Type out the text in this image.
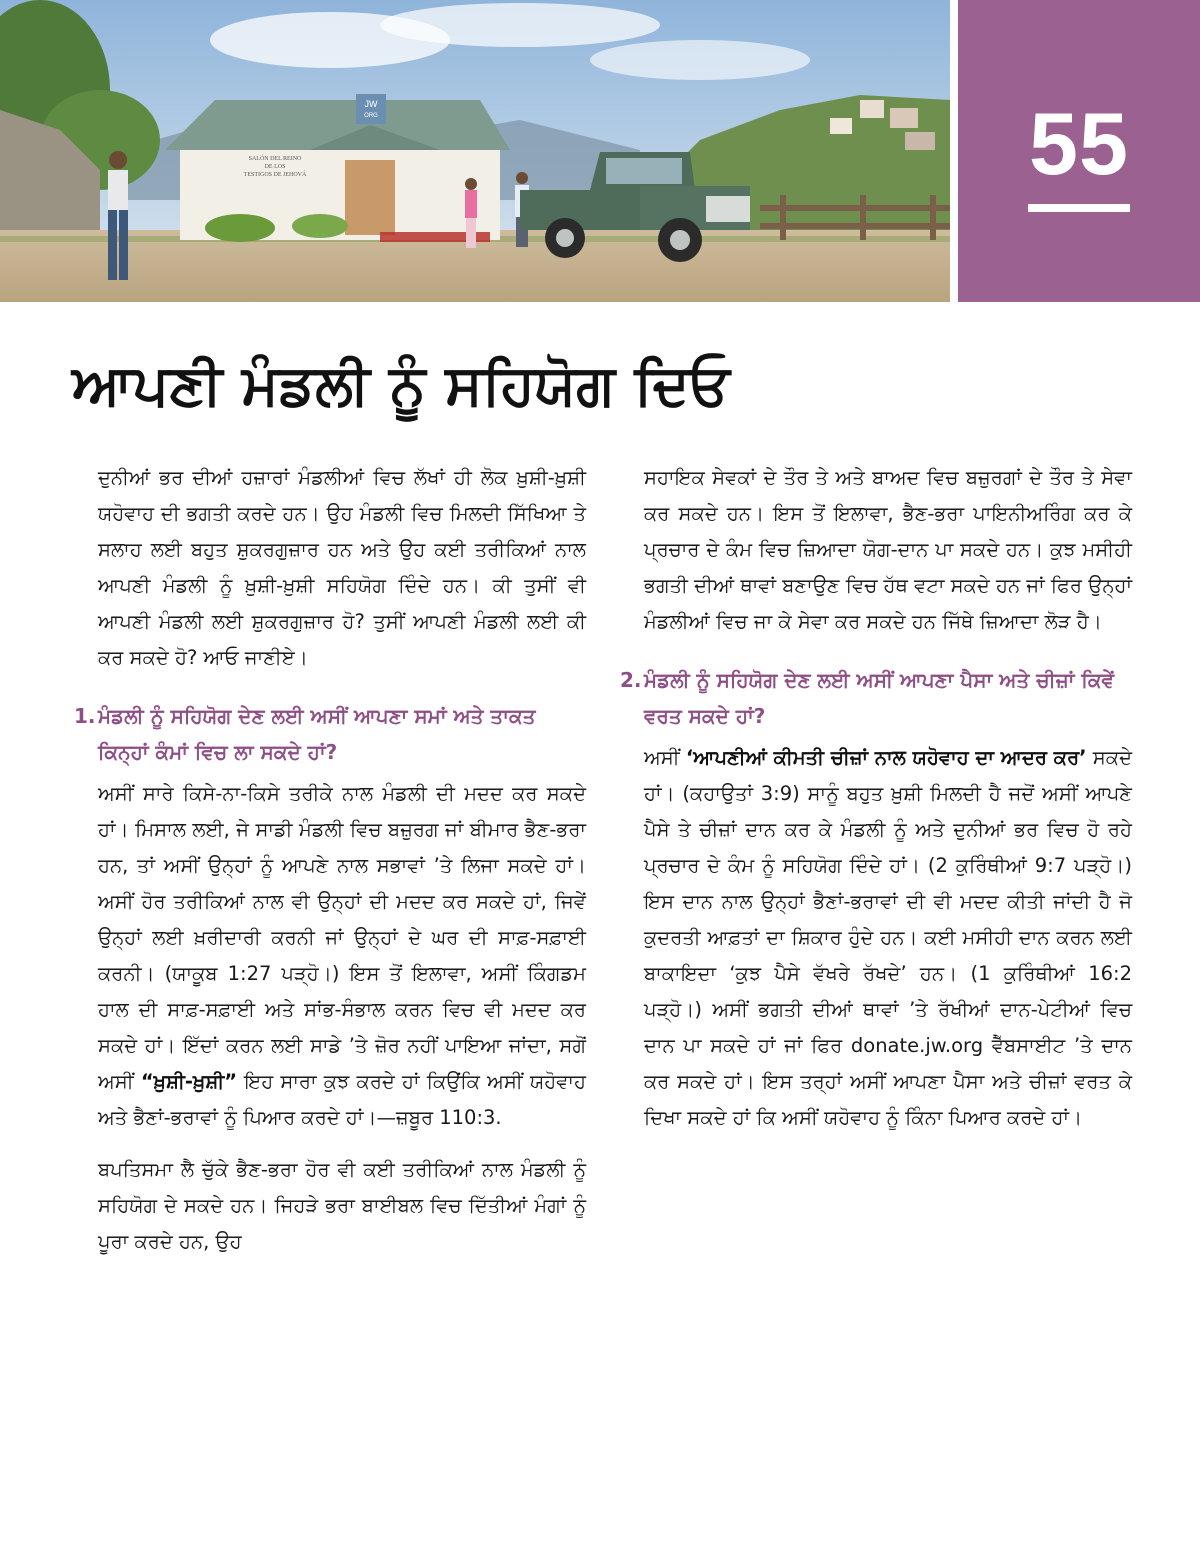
JW
ORG
SALÓN DEL REINO
DE LOS
TESTIGOS DE JEHOVÁ	55
ਆਪਣੀ ਮੰਡਲੀ ਨੂੰ ਸਹਿਯੋਗ ਦਿਓ

ਦੁਨੀਆਂ ਭਰ ਦੀਆਂ ਹਜ਼ਾਰਾਂ ਮੰਡਲੀਆਂ ਵਿਚ ਲੱਖਾਂ ਹੀ ਲੋਕ ਖ਼ੁਸ਼ੀ-ਖ਼ੁਸ਼ੀ ਯਹੋਵਾਹ ਦੀ ਭਗਤੀ ਕਰਦੇ ਹਨ। ਉਹ ਮੰਡਲੀ ਵਿਚ ਮਿਲਦੀ ਸਿੱਖਿਆ ਤੇ ਸਲਾਹ ਲਈ ਬਹੁਤ ਸ਼ੁਕਰਗੁਜ਼ਾਰ ਹਨ ਅਤੇ ਉਹ ਕਈ ਤਰੀਕਿਆਂ ਨਾਲ ਆਪਣੀ ਮੰਡਲੀ ਨੂੰ ਖ਼ੁਸ਼ੀ-ਖ਼ੁਸ਼ੀ ਸਹਿਯੋਗ ਦਿੰਦੇ ਹਨ। ਕੀ ਤੁਸੀਂ ਵੀ ਆਪਣੀ ਮੰਡਲੀ ਲਈ ਸ਼ੁਕਰਗੁਜ਼ਾਰ ਹੋ? ਤੁਸੀਂ ਆਪਣੀ ਮੰਡਲੀ ਲਈ ਕੀ ਕਰ ਸਕਦੇ ਹੋ? ਆਓ ਜਾਣੀਏ।

1. ਮੰਡਲੀ ਨੂੰ ਸਹਿਯੋਗ ਦੇਣ ਲਈ ਅਸੀਂ ਆਪਣਾ ਸਮਾਂ ਅਤੇ ਤਾਕਤ ਕਿਨ੍ਹਾਂ ਕੰਮਾਂ ਵਿਚ ਲਾ ਸਕਦੇ ਹਾਂ?

ਅਸੀਂ ਸਾਰੇ ਕਿਸੇ-ਨਾ-ਕਿਸੇ ਤਰੀਕੇ ਨਾਲ ਮੰਡਲੀ ਦੀ ਮਦਦ ਕਰ ਸਕਦੇ ਹਾਂ। ਮਿਸਾਲ ਲਈ, ਜੇ ਸਾਡੀ ਮੰਡਲੀ ਵਿਚ ਬਜ਼ੁਰਗ ਜਾਂ ਬੀਮਾਰ ਭੈਣ-ਭਰਾ ਹਨ, ਤਾਂ ਅਸੀਂ ਉਨ੍ਹਾਂ ਨੂੰ ਆਪਣੇ ਨਾਲ ਸਭਾਵਾਂ ’ਤੇ ਲਿਜਾ ਸਕਦੇ ਹਾਂ। ਅਸੀਂ ਹੋਰ ਤਰੀਕਿਆਂ ਨਾਲ ਵੀ ਉਨ੍ਹਾਂ ਦੀ ਮਦਦ ਕਰ ਸਕਦੇ ਹਾਂ, ਜਿਵੇਂ ਉਨ੍ਹਾਂ ਲਈ ਖ਼ਰੀਦਾਰੀ ਕਰਨੀ ਜਾਂ ਉਨ੍ਹਾਂ ਦੇ ਘਰ ਦੀ ਸਾਫ਼-ਸਫ਼ਾਈ ਕਰਨੀ। (ਯਾਕੂਬ 1:27 ਪੜ੍ਹੋ।) ਇਸ ਤੋਂ ਇਲਾਵਾ, ਅਸੀਂ ਕਿੰਗਡਮ ਹਾਲ ਦੀ ਸਾਫ਼-ਸਫ਼ਾਈ ਅਤੇ ਸਾਂਭ-ਸੰਭਾਲ ਕਰਨ ਵਿਚ ਵੀ ਮਦਦ ਕਰ ਸਕਦੇ ਹਾਂ। ਇੱਦਾਂ ਕਰਨ ਲਈ ਸਾਡੇ ’ਤੇ ਜ਼ੋਰ ਨਹੀਂ ਪਾਇਆ ਜਾਂਦਾ, ਸਗੋਂ ਅਸੀਂ “ਖ਼ੁਸ਼ੀ-ਖ਼ੁਸ਼ੀ” ਇਹ ਸਾਰਾ ਕੁਝ ਕਰਦੇ ਹਾਂ ਕਿਉਂਕਿ ਅਸੀਂ ਯਹੋਵਾਹ ਅਤੇ ਭੈਣਾਂ-ਭਰਾਵਾਂ ਨੂੰ ਪਿਆਰ ਕਰਦੇ ਹਾਂ।—ਜ਼ਬੂਰ 110:3.

ਬਪਤਿਸਮਾ ਲੈ ਚੁੱਕੇ ਭੈਣ-ਭਰਾ ਹੋਰ ਵੀ ਕਈ ਤਰੀਕਿਆਂ ਨਾਲ ਮੰਡਲੀ ਨੂੰ ਸਹਿਯੋਗ ਦੇ ਸਕਦੇ ਹਨ। ਜਿਹੜੇ ਭਰਾ ਬਾਈਬਲ ਵਿਚ ਦਿੱਤੀਆਂ ਮੰਗਾਂ ਨੂੰ ਪੂਰਾ ਕਰਦੇ ਹਨ, ਉਹ

ਸਹਾਇਕ ਸੇਵਕਾਂ ਦੇ ਤੌਰ ਤੇ ਅਤੇ ਬਾਅਦ ਵਿਚ ਬਜ਼ੁਰਗਾਂ ਦੇ ਤੌਰ ਤੇ ਸੇਵਾ ਕਰ ਸਕਦੇ ਹਨ। ਇਸ ਤੋਂ ਇਲਾਵਾ, ਭੈਣ-ਭਰਾ ਪਾਇਨੀਅਰਿੰਗ ਕਰ ਕੇ ਪ੍ਰਚਾਰ ਦੇ ਕੰਮ ਵਿਚ ਜ਼ਿਆਦਾ ਯੋਗ-ਦਾਨ ਪਾ ਸਕਦੇ ਹਨ। ਕੁਝ ਮਸੀਹੀ ਭਗਤੀ ਦੀਆਂ ਥਾਵਾਂ ਬਣਾਉਣ ਵਿਚ ਹੱਥ ਵਟਾ ਸਕਦੇ ਹਨ ਜਾਂ ਫਿਰ ਉਨ੍ਹਾਂ ਮੰਡਲੀਆਂ ਵਿਚ ਜਾ ਕੇ ਸੇਵਾ ਕਰ ਸਕਦੇ ਹਨ ਜਿੱਥੇ ਜ਼ਿਆਦਾ ਲੋੜ ਹੈ।

2. ਮੰਡਲੀ ਨੂੰ ਸਹਿਯੋਗ ਦੇਣ ਲਈ ਅਸੀਂ ਆਪਣਾ ਪੈਸਾ ਅਤੇ ਚੀਜ਼ਾਂ ਕਿਵੇਂ ਵਰਤ ਸਕਦੇ ਹਾਂ?

ਅਸੀਂ ‘ਆਪਣੀਆਂ ਕੀਮਤੀ ਚੀਜ਼ਾਂ ਨਾਲ ਯਹੋਵਾਹ ਦਾ ਆਦਰ ਕਰ’ ਸਕਦੇ ਹਾਂ। (ਕਹਾਉਤਾਂ 3:9) ਸਾਨੂੰ ਬਹੁਤ ਖ਼ੁਸ਼ੀ ਮਿਲਦੀ ਹੈ ਜਦੋਂ ਅਸੀਂ ਆਪਣੇ ਪੈਸੇ ਤੇ ਚੀਜ਼ਾਂ ਦਾਨ ਕਰ ਕੇ ਮੰਡਲੀ ਨੂੰ ਅਤੇ ਦੁਨੀਆਂ ਭਰ ਵਿਚ ਹੋ ਰਹੇ ਪ੍ਰਚਾਰ ਦੇ ਕੰਮ ਨੂੰ ਸਹਿਯੋਗ ਦਿੰਦੇ ਹਾਂ। (2 ਕੁਰਿੰਥੀਆਂ 9:7 ਪੜ੍ਹੋ।) ਇਸ ਦਾਨ ਨਾਲ ਉਨ੍ਹਾਂ ਭੈਣਾਂ-ਭਰਾਵਾਂ ਦੀ ਵੀ ਮਦਦ ਕੀਤੀ ਜਾਂਦੀ ਹੈ ਜੋ ਕੁਦਰਤੀ ਆਫ਼ਤਾਂ ਦਾ ਸ਼ਿਕਾਰ ਹੁੰਦੇ ਹਨ। ਕਈ ਮਸੀਹੀ ਦਾਨ ਕਰਨ ਲਈ ਬਾਕਾਇਦਾ ‘ਕੁਝ ਪੈਸੇ ਵੱਖਰੇ ਰੱਖਦੇ’ ਹਨ। (1 ਕੁਰਿੰਥੀਆਂ 16:2 ਪੜ੍ਹੋ।) ਅਸੀਂ ਭਗਤੀ ਦੀਆਂ ਥਾਵਾਂ ’ਤੇ ਰੱਖੀਆਂ ਦਾਨ-ਪੇਟੀਆਂ ਵਿਚ ਦਾਨ ਪਾ ਸਕਦੇ ਹਾਂ ਜਾਂ ਫਿਰ donate.jw.org ਵੈੱਬਸਾਈਟ ’ਤੇ ਦਾਨ ਕਰ ਸਕਦੇ ਹਾਂ। ਇਸ ਤਰ੍ਹਾਂ ਅਸੀਂ ਆਪਣਾ ਪੈਸਾ ਅਤੇ ਚੀਜ਼ਾਂ ਵਰਤ ਕੇ ਦਿਖਾ ਸਕਦੇ ਹਾਂ ਕਿ ਅਸੀਂ ਯਹੋਵਾਹ ਨੂੰ ਕਿੰਨਾ ਪਿਆਰ ਕਰਦੇ ਹਾਂ।
